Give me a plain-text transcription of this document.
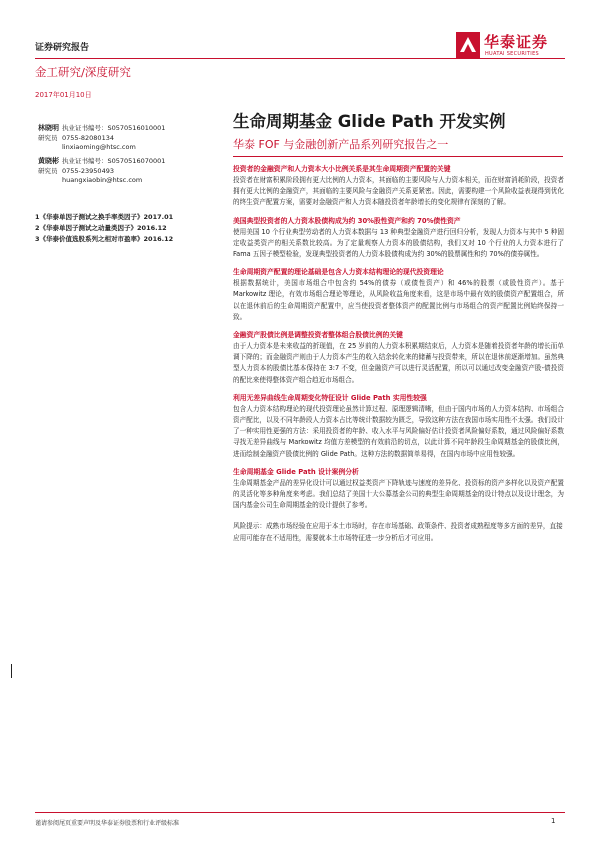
证券研究报告	华泰证券
HUATAI SECURITIES
金工研究/深度研究
2017年01月10日
林晓明 执业证书编号： S0570516010001
研究员 0755-82080134
linxiaoming@htsc.com
黄晓彬 执业证书编号： S0570516070001
研究员 0755-23950493
huangxiaobin@htsc.com
1《华泰单因子测试之换手率类因子》2017.01
2《华泰单因子测试之动量类因子》2016.12
3《华泰价值选股系列之相对市盈率》2016.12
生命周期基金 Glide Path 开发实例
华泰 FOF 与金融创新产品系列研究报告之一
投资者的金融资产和人力资本大小比例关系是其生命周期资产配置的关键
投资者在财富积累阶段拥有更大比例的人力资本，其面临的主要风险与人力资本相关，而在财富消耗阶段，投资者拥有更大比例的金融资产，其面临的主要风险与金融资产关系更紧密。因此，需要构建一个风险收益表现得到优化的终生资产配置方案，需要对金融资产和人力资本随投资者年龄增长的变化规律有深刻的了解。
美国典型投资者的人力资本股债构成为约 30%股性资产和约 70%债性资产
使用美国 10 个行业典型劳动者的人力资本数据与 13 种典型金融资产进行回归分析，发现人力资本与其中 5 种固定收益类资产的相关系数比较高。为了定量观察人力资本的股债结构，我们又对 10 个行业的人力资本进行了 Fama 五因子模型检验，发现典型投资者的人力资本股债构成为约 30%的股票属性和约 70%的债券属性。
生命周期资产配置的理论基础是包含人力资本结构理论的现代投资理论
根据数据统计，美国市场组合中包含约 54%的债券（或债性资产）和 46%的股票（或股性资产）。基于 Markowitz 理论，有效市场组合理论等理论，从风险收益角度来看，这是市场中最有效的股债资产配置组合，所以在退休前后的生命周期资产配置中，应当使投资者整体资产的配置比例与市场组合的资产配置比例始终保持一致。
金融资产股债比例是调整投资者整体组合股债比例的关键
由于人力资本是未来收益的折现值，在 25 岁前的人力资本积累期结束后，人力资本是随着投资者年龄的增长而单调下降的；而金融资产则由于人力资本产生的收入结余转化来的储蓄与投资带来，所以在退休前逐渐增加。虽然典型人力资本的股债比基本保持在 3:7 不变，但金融资产可以进行灵活配置，所以可以通过改变金融资产股-债投资的配比来使得整体资产组合趋近市场组合。
利用无差异曲线生命周期变化特征设计 Glide Path 实用性较强
包含人力资本结构理论的现代投资理论虽然计算过程、原理逻辑清晰，但由于国内市场的人力资本结构、市场组合资产配比，以及不同年龄段人力资本占比等统计数据较为匮乏，导致这种方法在我国市场实用性不太强。我们设计了一种实用性更强的方法：采用投资者的年龄、收入水平与风险偏好估计投资者风险偏好系数，通过风险偏好系数寻找无差异曲线与 Markowitz 均值方差模型的有效前沿的切点，以此计算不同年龄段生命周期基金的股债比例，进而绘制金融资产股债比例的 Glide Path。这种方法的数据简单易得，在国内市场中应用性较强。
生命周期基金 Glide Path 设计案例分析
生命周期基金产品的差异化设计可以通过权益类资产下降轨迹与速度的差异化、投资标的资产多样化以及资产配置的灵活化等多种角度来考虑。我们总结了美国十大公募基金公司的典型生命周期基金的设计特点以及设计理念，为国内基金公司生命周期基金的设计提供了参考。
风险提示：成熟市场经验在应用于本土市场时，存在市场基础、政策条件、投资者成熟程度等多方面的差异，直接应用可能存在不适用性，需要就本土市场特征进一步分析后才可应用。
谨请参阅尾页重要声明及华泰证券股票和行业评级标准	1
